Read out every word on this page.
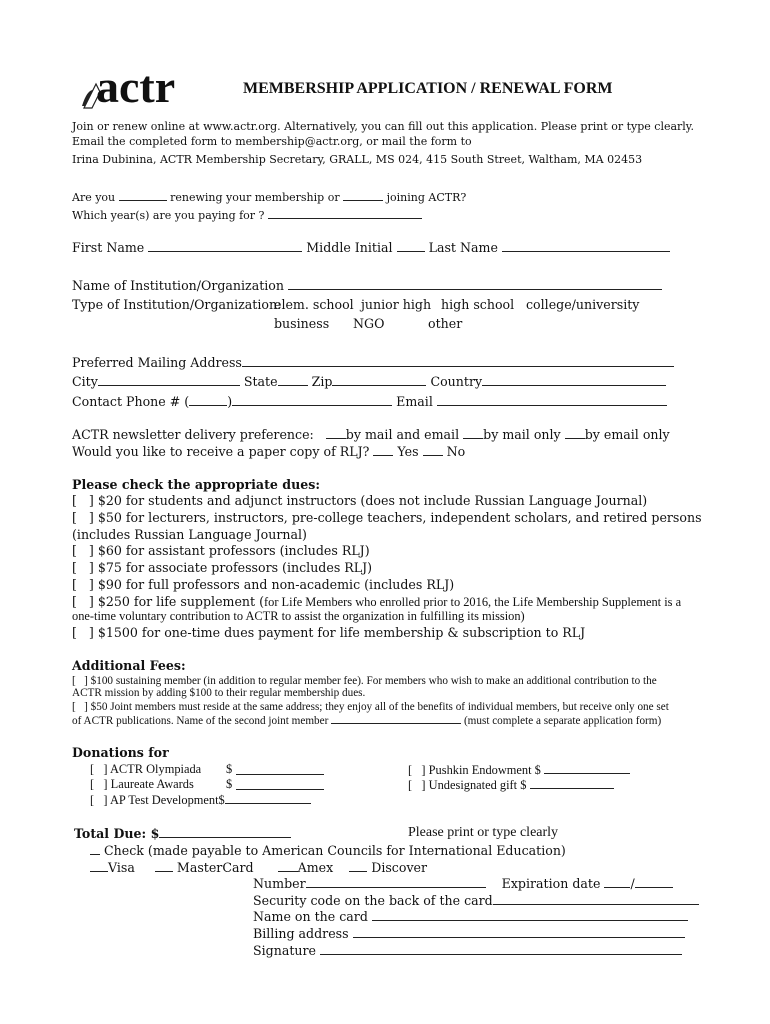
actr	MEMBERSHIP APPLICATION / RENEWAL FORM
Join or renew online at www.actr.org. Alternatively, you can fill out this application. Please print or type clearly.
Email the completed form to membership@actr.org, or mail the form to
Irina Dubinina, ACTR Membership Secretary, GRALL, MS 024, 415 South Street, Waltham, MA 02453
Are you	renewing your membership or	joining ACTR?
Which year(s) are you paying for ?
First Name	Middle Initial	Last Name
Name of Institution/Organization
Type of Institution/Organization:
elem. school junior high high school college/university
business NGO	other
Preferred Mailing Address
City	State	Zip	Country
Contact Phone # (	)	Email
ACTR newsletter delivery preference:	by mail and email by mail only by email only
Would you like to receive a paper copy of RLJ? Yes No
Please check the appropriate dues:
[   ] $20 for students and adjunct instructors (does not include Russian Language Journal)
[   ] $50 for lecturers, instructors, pre-college teachers, independent scholars, and retired persons
(includes Russian Language Journal)
[   ] $60 for assistant professors (includes RLJ)
[   ] $75 for associate professors (includes RLJ)
[   ] $90 for full professors and non-academic (includes RLJ)
[   ] $250 for life supplement (for Life Members who enrolled prior to 2016, the Life Membership Supplement is a
one-time voluntary contribution to ACTR to assist the organization in fulfilling its mission)
[   ] $1500 for one-time dues payment for life membership & subscription to RLJ
Additional Fees:
[   ] $100 sustaining member (in addition to regular member fee). For members who wish to make an additional contribution to the
ACTR mission by adding $100 to their regular membership dues.
[   ] $50 Joint members must reside at the same address; they enjoy all of the benefits of individual members, but receive only one set
of ACTR publications. Name of the second joint member	(must complete a separate application form)
Donations for
[   ] ACTR Olympiada $
[   ] Laureate Awards	$
[   ] AP Test Development$
[   ] Pushkin Endowment $
[   ] Undesignated gift $
Total Due: $	Please print or type clearly
Check (made payable to American Councils for International Education)
Visa	MasterCard	Amex	Discover
Number	Expiration date /
Security code on the back of the card
Name on the card
Billing address
Signature
